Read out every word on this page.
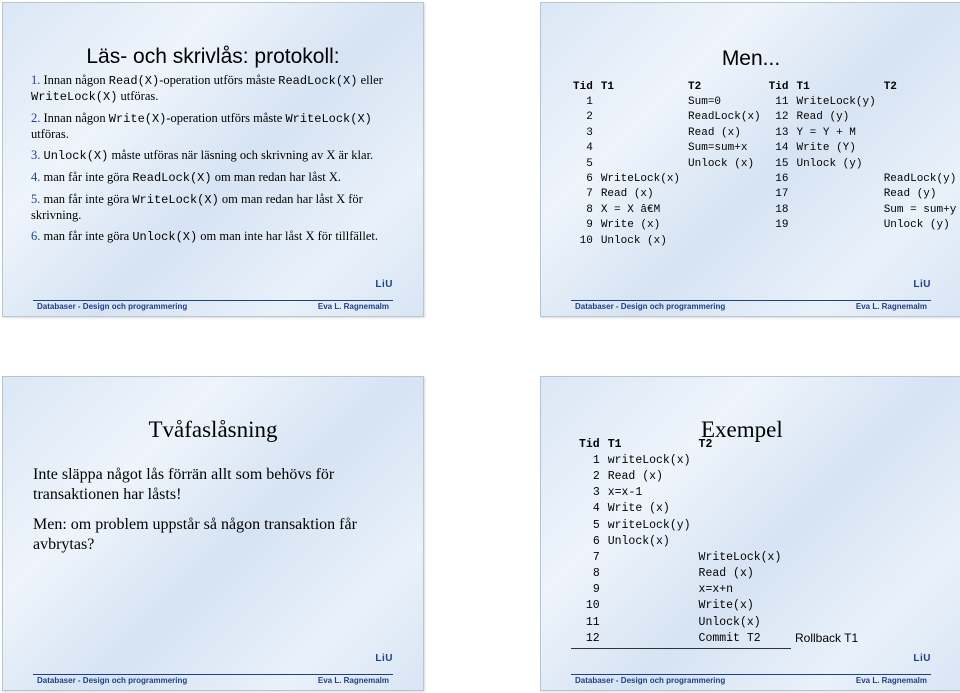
Läs- och skrivlås: protokoll:

1. Innan någon Read(X)-operation utförs måste ReadLock(X) eller WriteLock(X) utföras.

2. Innan någon Write(X)-operation utförs måste WriteLock(X) utföras.

3. Unlock(X) måste utföras när läsning och skrivning av X är klar.

4. man får inte göra ReadLock(X) om man redan har låst X.

5. man får inte göra WriteLock(X) om man redan har låst X för skrivning.

6. man får inte göra Unlock(X) om man inte har låst X för tillfället.

LiU
Databaser - Design och programmering	Eva L. Ragnemalm
Men...
Tid	T1	T2	Tid	T1	T2
1		Sum=0	11	WriteLock(y)	
2		ReadLock(x)	12	Read (y)	
3		Read (x)	13	Y = Y + M	
4		Sum=sum+x	14	Write (Y)	
5		Unlock (x)	15	Unlock (y)	
6	WriteLock(x)		16		ReadLock(y)
7	Read (x)		17		Read (y)
8	X = X â€M		18		Sum = sum+y
9	Write (x)		19		Unlock (y)
10	Unlock (x)				
LiU
Databaser - Design och programmering	Eva L. Ragnemalm
Tvåfaslåsning

Inte släppa något lås förrän allt som behövs för transaktionen har låsts!

Men: om problem uppstår så någon transaktion får avbrytas?

LiU
Databaser - Design och programmering	Eva L. Ragnemalm
Exempel
Tid	T1	T2
1	writeLock(x)	
2	Read (x)	
3	x=x-1	
4	Write (x)	
5	writeLock(y)	
6	Unlock(x)	
7		WriteLock(x)
8		Read (x)
9		x=x+n
10		Write(x)
11		Unlock(x)
12		Commit T2	Rollback T1
LiU
Databaser - Design och programmering	Eva L. Ragnemalm
